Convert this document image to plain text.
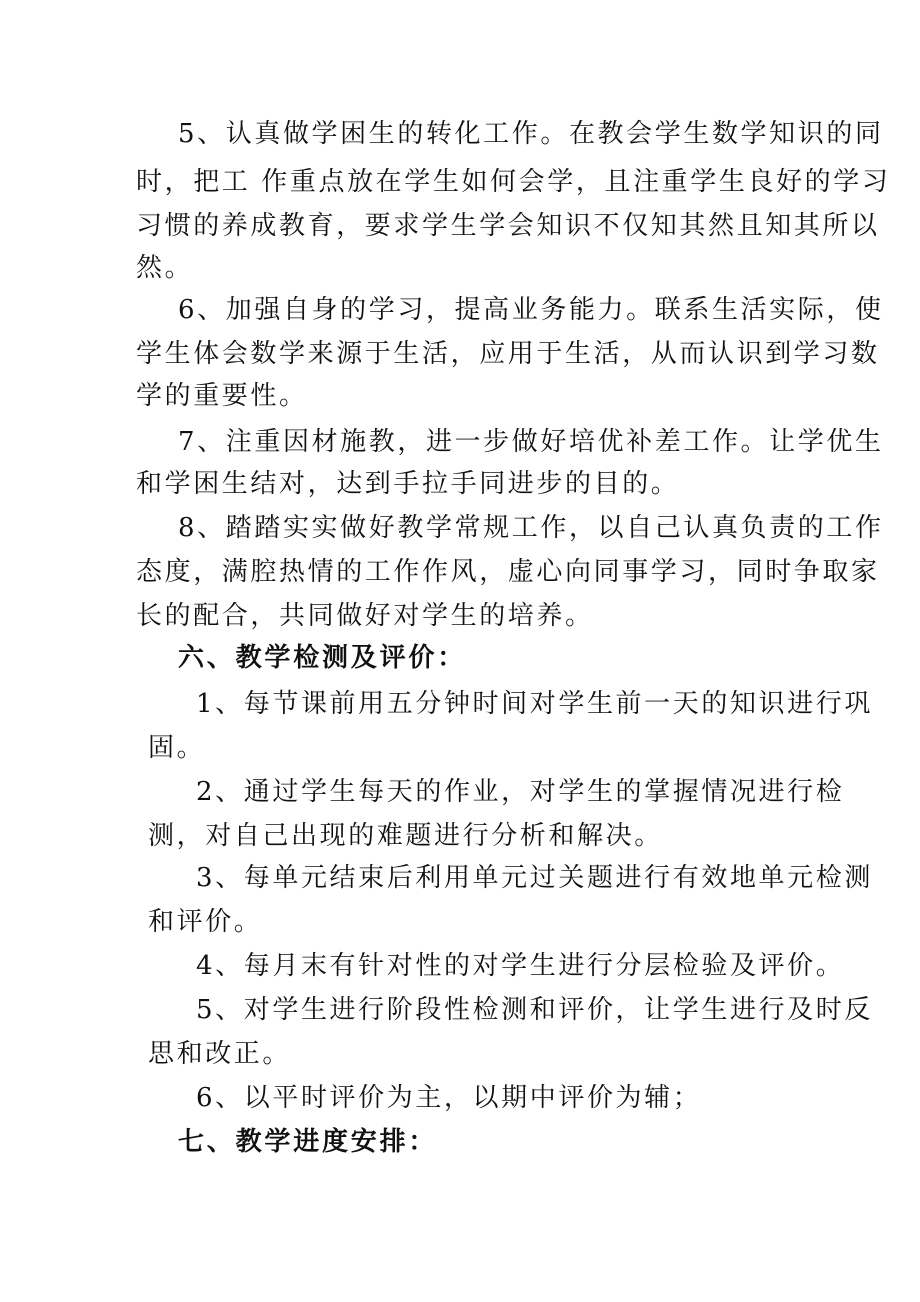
5、认真做学困生的转化工作。在教会学生数学知识的同

时，把工 作重点放在学生如何会学，且注重学生良好的学习

习惯的养成教育，要求学生学会知识不仅知其然且知其所以

然。

6、加强自身的学习，提高业务能力。联系生活实际，使

学生体会数学来源于生活，应用于生活，从而认识到学习数

学的重要性。

7、注重因材施教，进一步做好培优补差工作。让学优生

和学困生结对，达到手拉手同进步的目的。

8、踏踏实实做好教学常规工作，以自己认真负责的工作

态度，满腔热情的工作作风，虚心向同事学习，同时争取家

长的配合，共同做好对学生的培养。

六、教学检测及评价：

1、每节课前用五分钟时间对学生前一天的知识进行巩

固。

2、通过学生每天的作业，对学生的掌握情况进行检

测，对自己出现的难题进行分析和解决。

3、每单元结束后利用单元过关题进行有效地单元检测

和评价。

4、每月末有针对性的对学生进行分层检验及评价。

5、对学生进行阶段性检测和评价，让学生进行及时反

思和改正。

6、以平时评价为主，以期中评价为辅；

七、教学进度安排：
